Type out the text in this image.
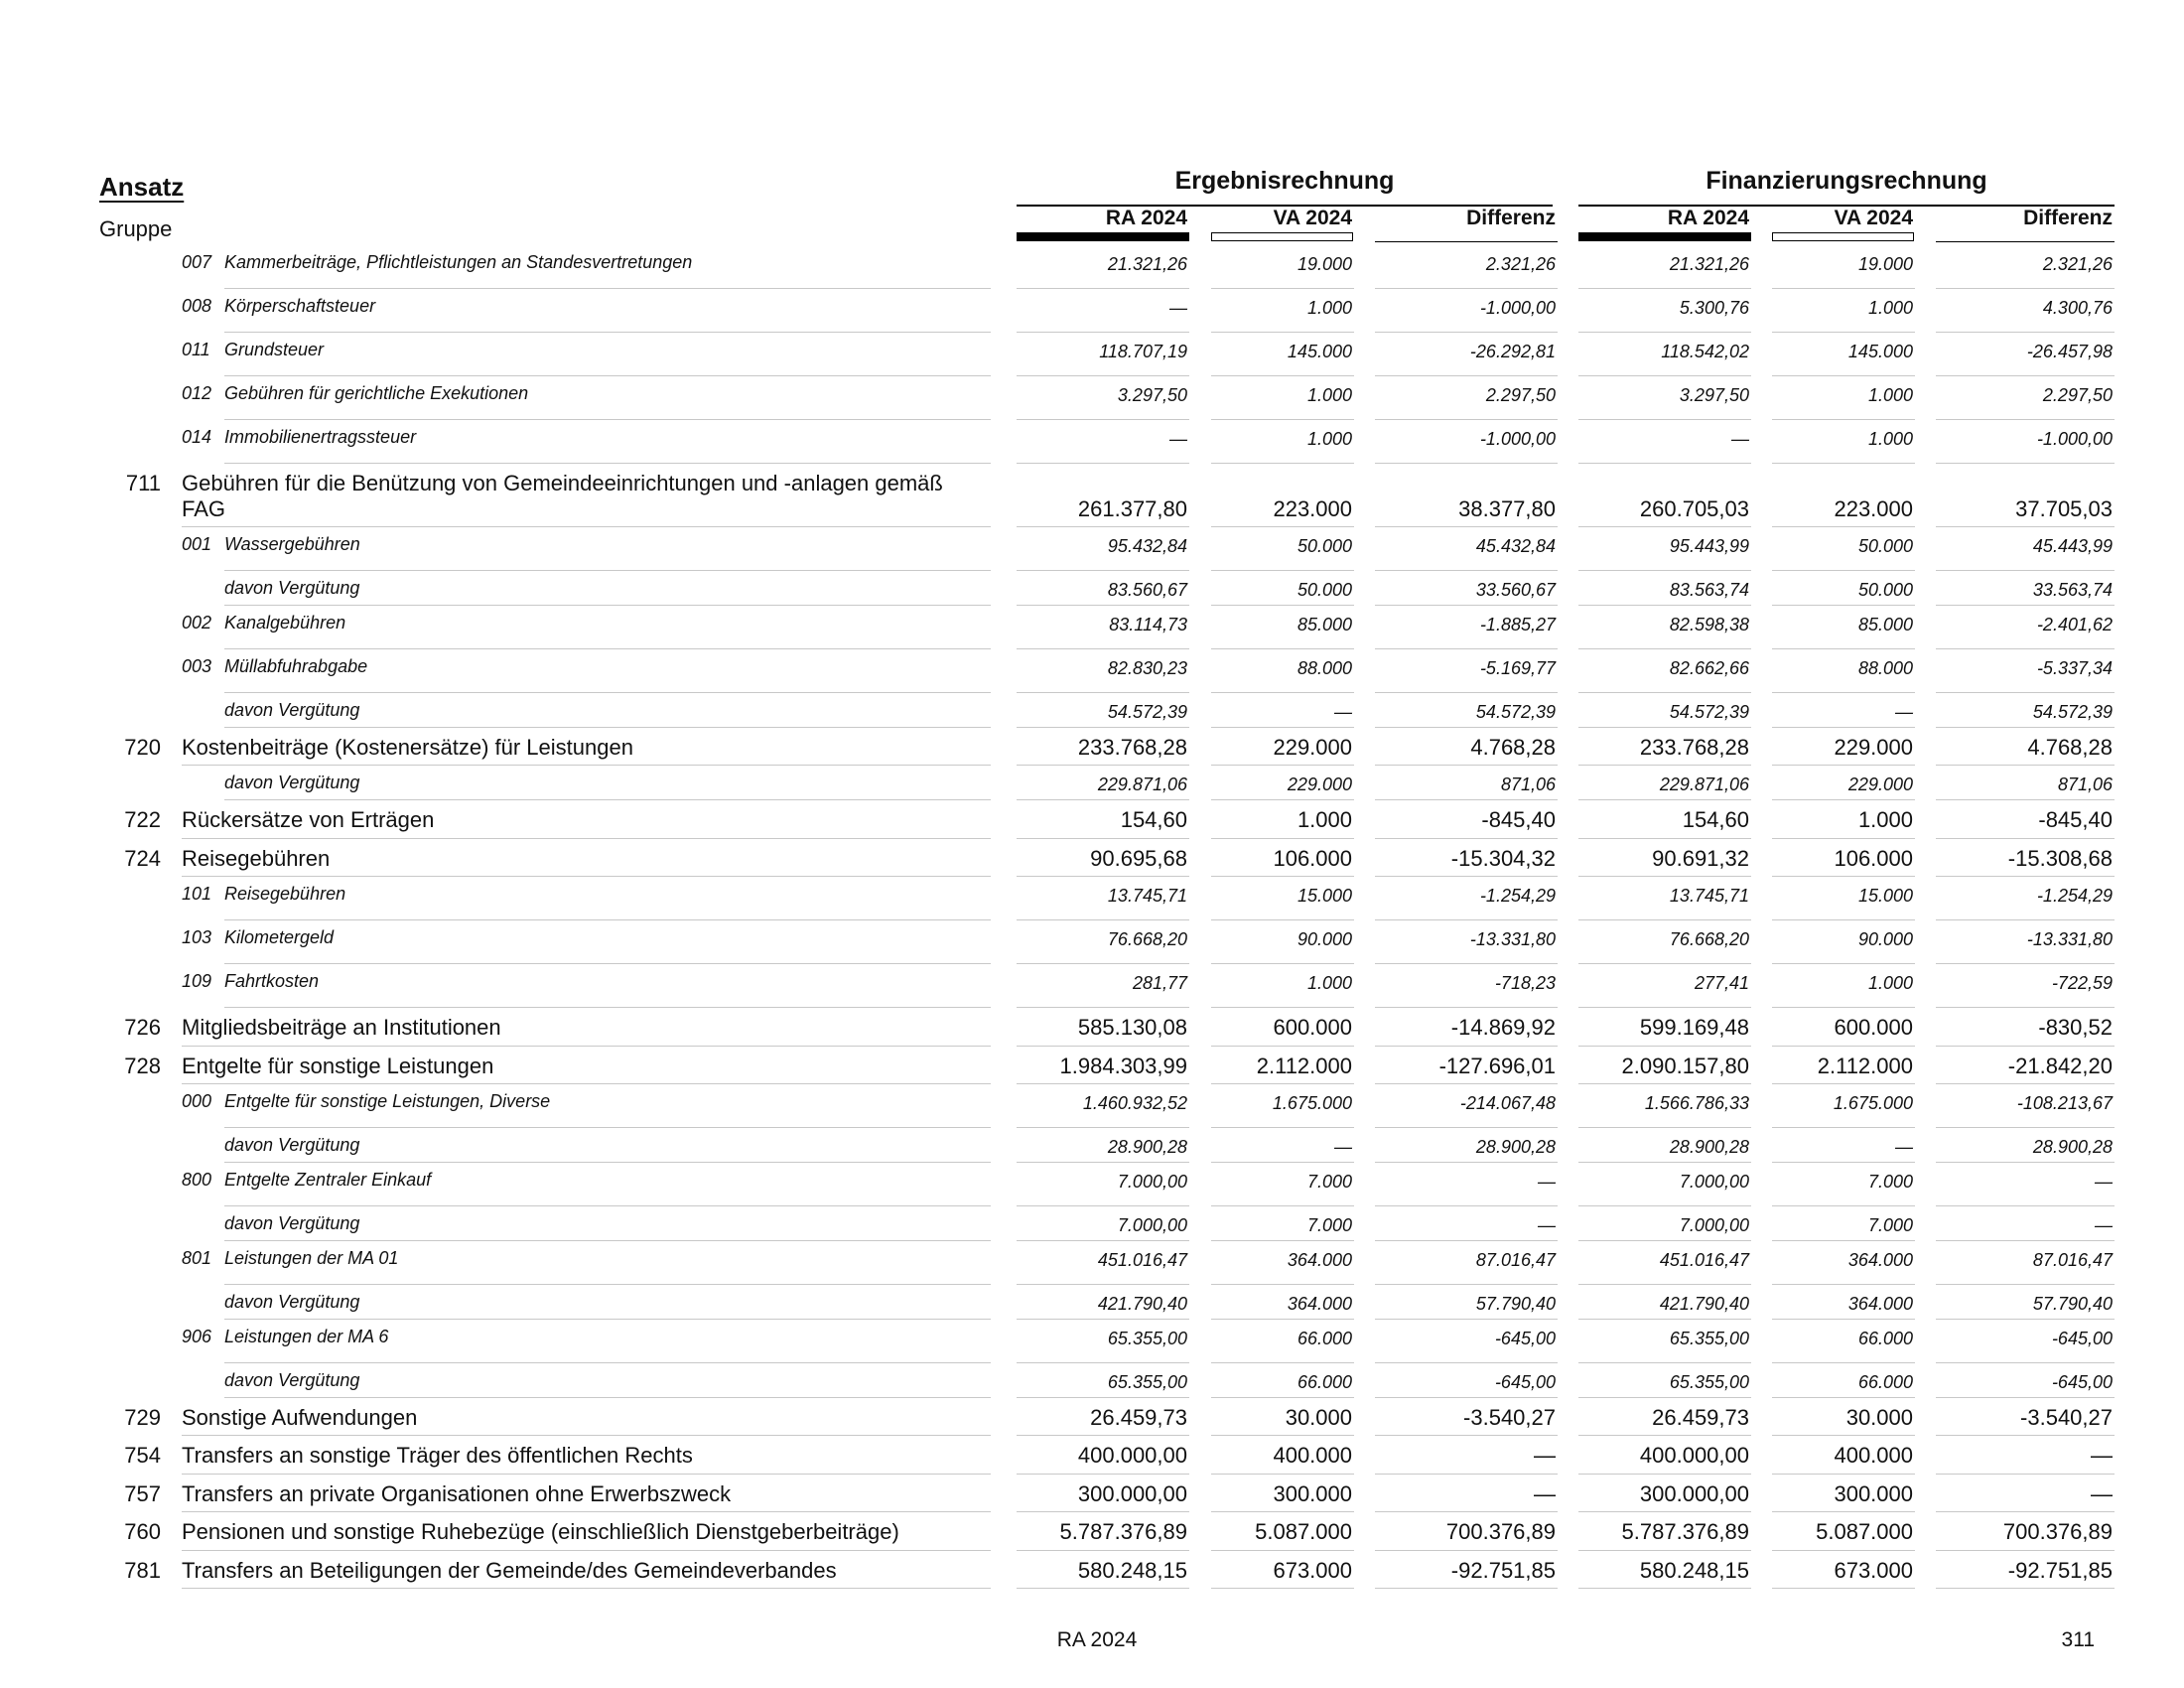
Ansatz
Gruppe
Ergebnisrechnung	Finanzierungsrechnung
RA 2024	VA 2024	Differenz	RA 2024	VA 2024	Differenz
007 Kammerbeiträge, Pflichtleistungen an Standesvertretungen	21.321,26	19.000	2.321,26	21.321,26	19.000	2.321,26
008 Körperschaftsteuer	—	1.000	-1.000,00	5.300,76	1.000	4.300,76
011 Grundsteuer	118.707,19	145.000	-26.292,81	118.542,02	145.000	-26.457,98
012 Gebühren für gerichtliche Exekutionen	3.297,50	1.000	2.297,50	3.297,50	1.000	2.297,50
014 Immobilienertragssteuer	—	1.000	-1.000,00	—	1.000	-1.000,00
711 Gebühren für die Benützung von Gemeindeeinrichtungen und -anlagen gemäß
FAG	261.377,80	223.000	38.377,80	260.705,03	223.000	37.705,03
001 Wassergebühren	95.432,84	50.000	45.432,84	95.443,99	50.000	45.443,99
davon Vergütung	83.560,67	50.000	33.560,67	83.563,74	50.000	33.563,74
002 Kanalgebühren	83.114,73	85.000	-1.885,27	82.598,38	85.000	-2.401,62
003 Müllabfuhrabgabe	82.830,23	88.000	-5.169,77	82.662,66	88.000	-5.337,34
davon Vergütung	54.572,39	—	54.572,39	54.572,39	—	54.572,39
720 Kostenbeiträge (Kostenersätze) für Leistungen	233.768,28	229.000	4.768,28	233.768,28	229.000	4.768,28
davon Vergütung	229.871,06	229.000	871,06	229.871,06	229.000	871,06
722 Rückersätze von Erträgen	154,60	1.000	-845,40	154,60	1.000	-845,40
724 Reisegebühren	90.695,68	106.000	-15.304,32	90.691,32	106.000	-15.308,68
101 Reisegebühren	13.745,71	15.000	-1.254,29	13.745,71	15.000	-1.254,29
103 Kilometergeld	76.668,20	90.000	-13.331,80	76.668,20	90.000	-13.331,80
109 Fahrtkosten	281,77	1.000	-718,23	277,41	1.000	-722,59
726 Mitgliedsbeiträge an Institutionen	585.130,08	600.000	-14.869,92	599.169,48	600.000	-830,52
728 Entgelte für sonstige Leistungen	1.984.303,99	2.112.000	-127.696,01	2.090.157,80	2.112.000	-21.842,20
000 Entgelte für sonstige Leistungen, Diverse	1.460.932,52	1.675.000	-214.067,48	1.566.786,33	1.675.000	-108.213,67
davon Vergütung	28.900,28	—	28.900,28	28.900,28	—	28.900,28
800 Entgelte Zentraler Einkauf	7.000,00	7.000	—	7.000,00	7.000	—
davon Vergütung	7.000,00	7.000	—	7.000,00	7.000	—
801 Leistungen der MA 01	451.016,47	364.000	87.016,47	451.016,47	364.000	87.016,47
davon Vergütung	421.790,40	364.000	57.790,40	421.790,40	364.000	57.790,40
906 Leistungen der MA 6	65.355,00	66.000	-645,00	65.355,00	66.000	-645,00
davon Vergütung	65.355,00	66.000	-645,00	65.355,00	66.000	-645,00
729 Sonstige Aufwendungen	26.459,73	30.000	-3.540,27	26.459,73	30.000	-3.540,27
754 Transfers an sonstige Träger des öffentlichen Rechts	400.000,00	400.000	—	400.000,00	400.000	—
757 Transfers an private Organisationen ohne Erwerbszweck	300.000,00	300.000	—	300.000,00	300.000	—
760 Pensionen und sonstige Ruhebezüge (einschließlich Dienstgeberbeiträge)	5.787.376,89	5.087.000	700.376,89	5.787.376,89	5.087.000	700.376,89
781 Transfers an Beteiligungen der Gemeinde/des Gemeindeverbandes	580.248,15	673.000	-92.751,85	580.248,15	673.000	-92.751,85
RA 2024	311
